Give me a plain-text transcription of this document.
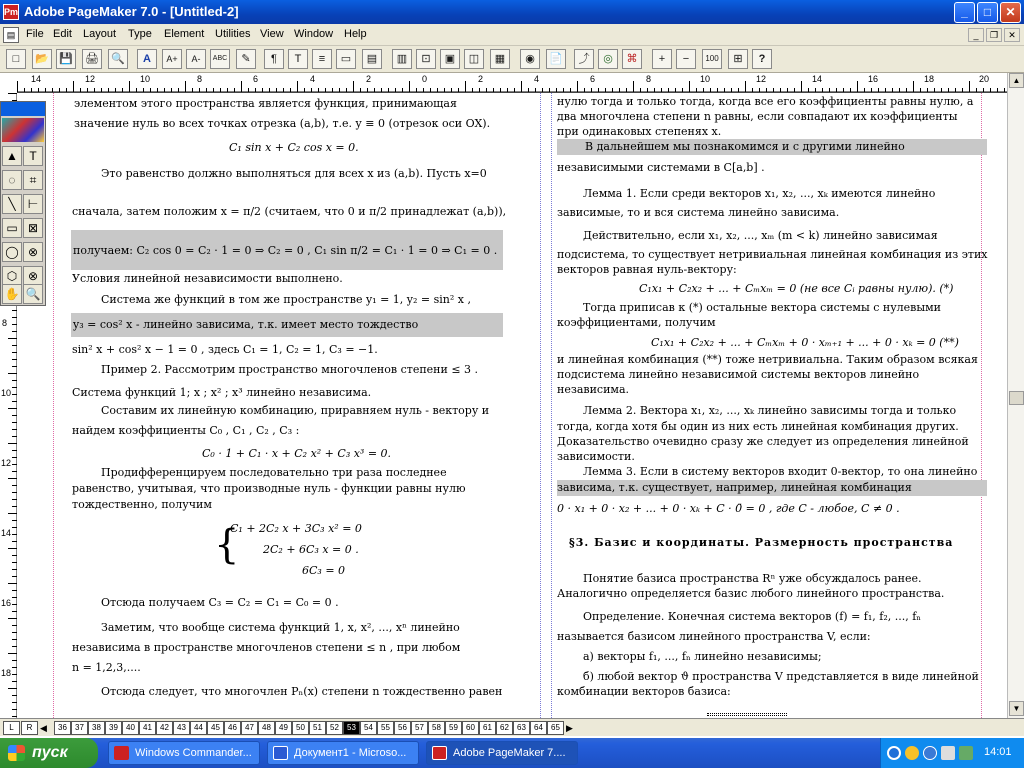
Pm Adobe PageMaker 7.0 - [Untitled-2]	_	□	✕
▤ File Edit Layout Type Element Utilities View Window Help	_	❐	✕
□	📂 💾 🖨 🔍	A	A+	A-	ABC	✎	¶	T	≡	▭	▤	▥	⊡	▣	◫	▦	◉	📄	⤴	◎	⌘	+	−	100	⊞	?
14	12	10	8	6	4	2	0	2	4	6	8	10	12	14	16	18	20
8
10
12
14
16
18
элементом этого пространства является функция, принимающая
значение нуль во всех точках отрезка (a,b), т.е. y ≡ 0 (отрезок оси OX).
C₁ sin x + C₂ cos x = 0.
Это равенство должно выполняться для всех x из (a,b). Пусть x=0
сначала, затем положим x = π/2 (считаем, что 0 и π/2 принадлежат (a,b)),
получаем: C₂ cos 0 = C₂ · 1 = 0 ⇒ C₂ = 0 , C₁ sin π/2 = C₁ · 1 = 0 ⇒ C₁ = 0 .
Условия линейной независимости выполнено.
Система же функций в том же пространстве y₁ = 1, y₂ = sin² x ,
y₃ = cos² x - линейно зависима, т.к. имеет место тождество
sin² x + cos² x − 1 = 0 , здесь C₁ = 1, C₂ = 1, C₃ = −1.
Пример 2. Рассмотрим пространство многочленов степени ≤ 3 .
Система функций 1; x ; x² ; x³ линейно независима.
Составим их линейную комбинацию, приравняем нуль - вектору и
найдем коэффициенты C₀ , C₁ , C₂ , C₃ :
C₀ · 1 + C₁ · x + C₂ x² + C₃ x³ = 0.
Продифференцируем последовательно три раза последнее
равенство, учитывая, что производные нуль - функции равны нулю
тождественно, получим
{
C₁ + 2C₂ x + 3C₃ x² = 0
2C₂ + 6C₃ x = 0 .
6C₃ = 0
Отсюда получаем C₃ = C₂ = C₁ = C₀ = 0 .
Заметим, что вообще система функций 1, x, x², ..., xⁿ линейно
независима в пространстве многочленов степени ≤ n , при любом
n = 1,2,3,....
Отсюда следует, что многочлен Pₙ(x) степени n тождественно равен
нулю тогда и только тогда, когда все его коэффициенты равны нулю, а
два многочлена степени n равны, если совпадают их коэффициенты
при одинаковых степенях x.
В дальнейшем мы познакомимся и с другими линейно
независимыми системами в C[a,b] .
Лемма 1. Если среди векторов x₁, x₂, ..., xₖ имеются линейно
зависимые, то и вся система линейно зависима.
Действительно, если x₁, x₂, ..., xₘ (m < k) линейно зависимая
подсистема, то существует нетривиальная линейная комбинация из этих
векторов равная нуль-вектору:
C₁x₁ + C₂x₂ + ... + Cₘxₘ = 0 (не все Cᵢ равны нулю). (*)
Тогда приписав к (*) остальные вектора системы с нулевыми
коэффициентами, получим
C₁x₁ + C₂x₂ + ... + Cₘxₘ + 0 · xₘ₊₁ + ... + 0 · xₖ = 0 (**)
и линейная комбинация (**) тоже нетривиальна. Таким образом всякая
подсистема линейно независимой системы векторов линейно
независима.
Лемма 2. Вектора x₁, x₂, ..., xₖ линейно зависимы тогда и только
тогда, когда хотя бы один из них есть линейная комбинация других.
Доказательство очевидно сразу же следует из определения линейной
зависимости.
Лемма 3. Если в систему векторов входит 0-вектор, то она линейно
зависима, т.к. существует, например, линейная комбинация
0 · x₁ + 0 · x₂ + ... + 0 · xₖ + C · 0̄ = 0 , где C - любое, C ≠ 0 .
§3. Базис и координаты. Размерность пространства
Понятие базиса пространства Rⁿ уже обсуждалось ранее.
Аналогично определяется базис любого линейного пространства.
Определение. Конечная система векторов (f) = f₁, f₂, ..., fₙ
называется базисом линейного пространства V, если:
а) векторы f₁, ..., fₙ линейно независимы;
б) любой вектор ϑ пространства V представляется в виде линейной
комбинации векторов базиса:
▲ T
◌	⌗
╲	⊢
▭ ⊠
◯ ⊗
⬡ ⊗
✋ 🔍
▲
▼
L	R ◀	36	37	38	39	40	41	42	43	44	45	46	47	48	49	50	51	52	53	54	55	56	57	58	59	60	61	62	63	64	65 ▶
пуск	Windows Commander...	Документ1 - Microso...	Adobe PageMaker 7....	14:01
